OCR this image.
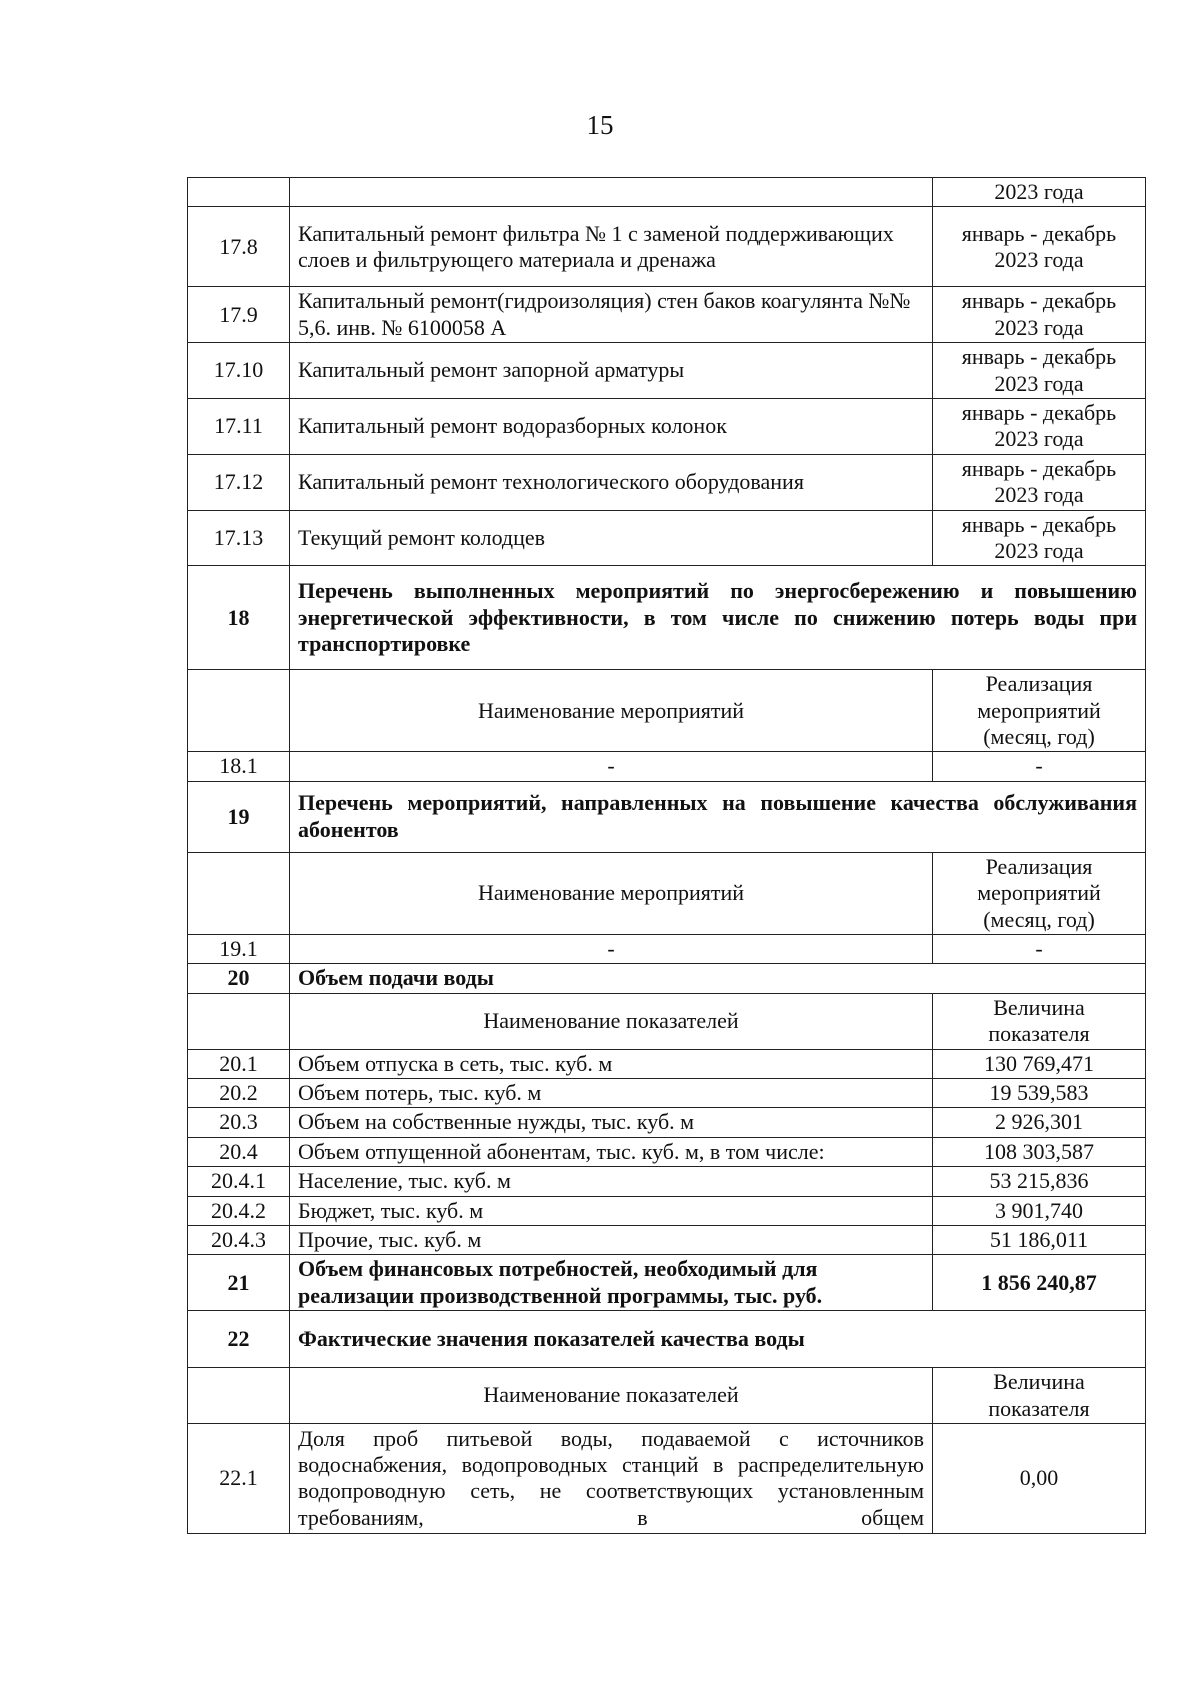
15
		2023 года
17.8	Капитальный ремонт фильтра № 1 с заменой поддерживающих слоев и фильтрующего материала и дренажа	январь - декабрь 2023 года
17.9	Капитальный ремонт(гидроизоляция) стен баков коагулянта №№ 5,6. инв. № 6100058 А	январь - декабрь 2023 года
17.10	Капитальный ремонт запорной арматуры	январь - декабрь 2023 года
17.11	Капитальный ремонт водоразборных колонок	январь - декабрь 2023 года
17.12	Капитальный ремонт технологического оборудования	январь - декабрь 2023 года
17.13	Текущий ремонт колодцев	январь - декабрь 2023 года
18	Перечень выполненных мероприятий по энергосбережению и повышению энергетической эффективности, в том числе по снижению потерь воды при транспортировке	
	Наименование мероприятий	Реализация мероприятий (месяц, год)
18.1	-	-
19	Перечень мероприятий, направленных на повышение качества обслуживания абонентов	
	Наименование мероприятий	Реализация мероприятий (месяц, год)
19.1	-	-
20	Объем подачи воды	
	Наименование показателей	Величина показателя
20.1	Объем отпуска в сеть, тыс. куб. м	130 769,471
20.2	Объем потерь, тыс. куб. м	19 539,583
20.3	Объем на собственные нужды, тыс. куб. м	2 926,301
20.4	Объем отпущенной абонентам, тыс. куб. м, в том числе:	108 303,587
20.4.1	Население, тыс. куб. м	53 215,836
20.4.2	Бюджет, тыс. куб. м	3 901,740
20.4.3	Прочие, тыс. куб. м	51 186,011
21	Объем финансовых потребностей, необходимый для реализации производственной программы, тыс. руб.	1 856 240,87
22	Фактические значения показателей качества воды	
	Наименование показателей	Величина показателя
22.1	Доля проб питьевой воды, подаваемой с источников водоснабжения, водопроводных станций в распределительную водопроводную сеть, не соответствующих установленным требованиям, в общем	0,00
